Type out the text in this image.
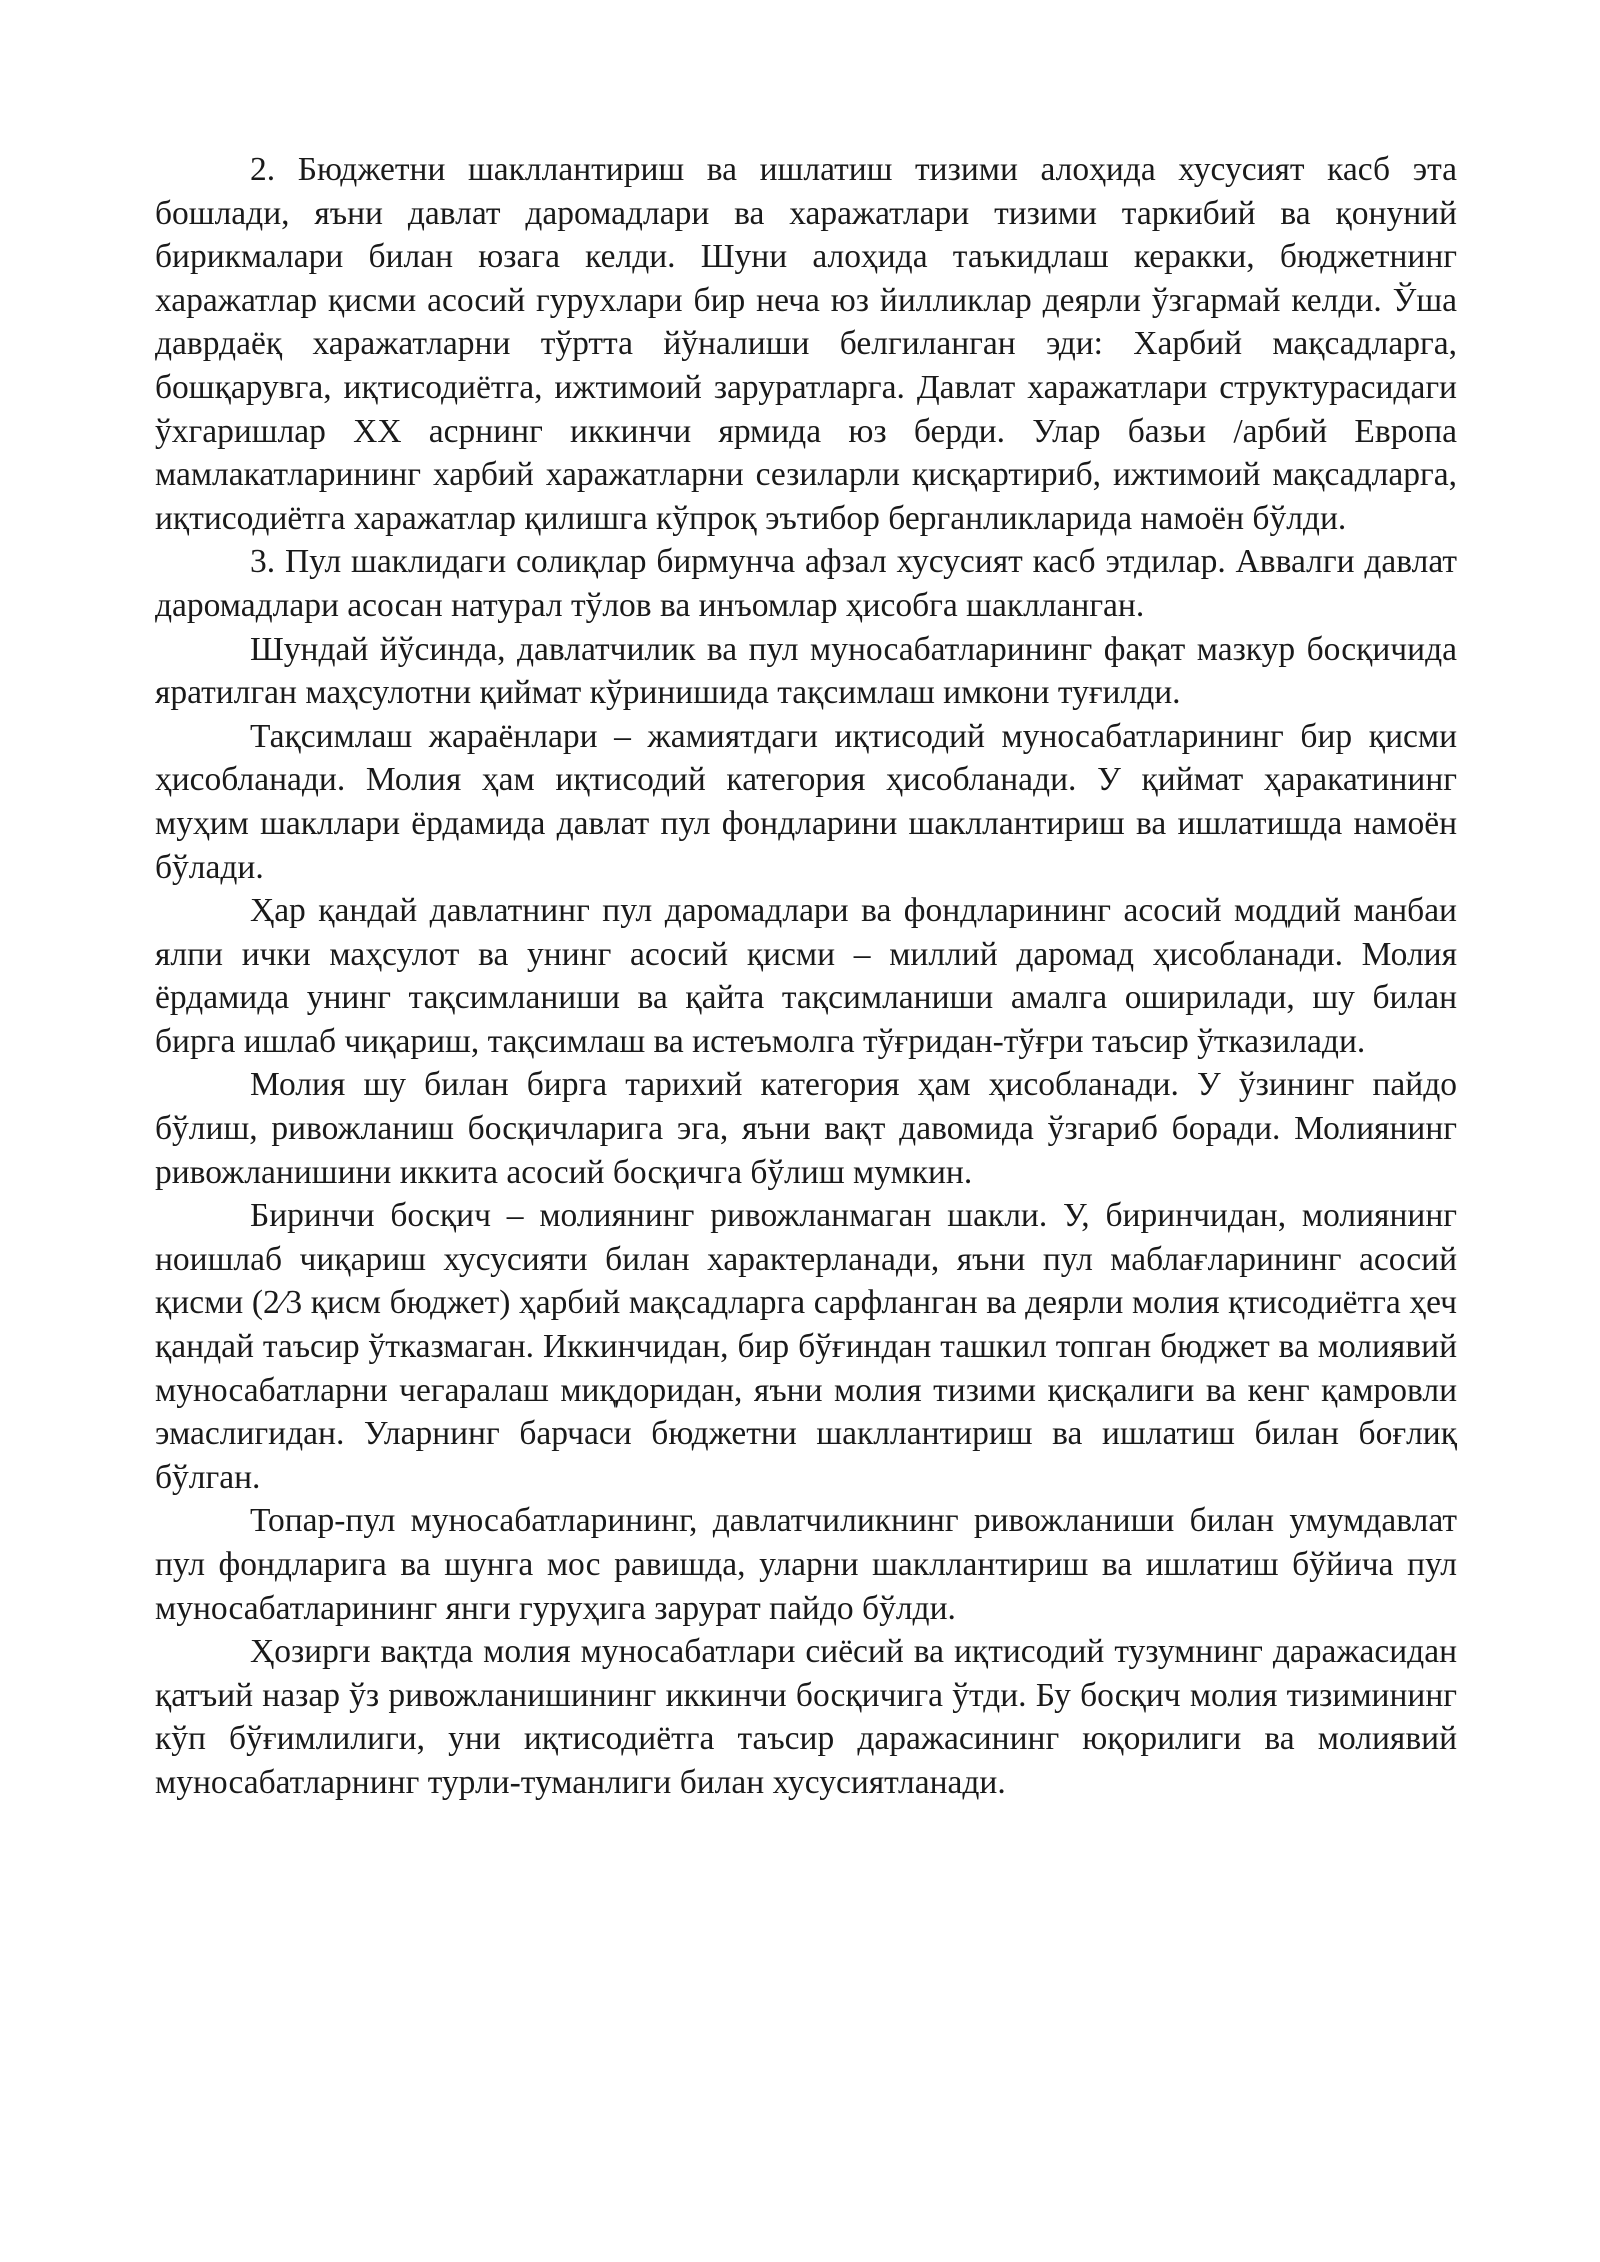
2. Бюджетни шакллантириш ва ишлатиш тизими алоҳида хусусият касб эта бошлади, яъни давлат даромадлари ва харажатлари тизими таркибий ва қонуний бирикмалари билан юзага келди. Шуни алоҳида таъкидлаш керакки, бюджетнинг харажатлар қисми асосий гурухлари бир неча юз йилликлар деярли ўзгармай келди. Ўша даврдаёқ харажатларни тўртта йўналиши белгиланган эди: Харбий мақсадларга, бошқарувга, иқтисодиётга, ижтимоий заруратларга. Давлат харажатлари структурасидаги ўхгаришлар XX асрнинг иккинчи ярмида юз берди. Улар базьи /арбий Европа мамлакатларининг харбий харажатларни сезиларли қисқартириб, ижтимоий мақсадларга, иқтисодиётга харажатлар қилишга кўпроқ эътибор берганликларида намоён бўлди.

3. Пул шаклидаги солиқлар бирмунча афзал хусусият касб этдилар. Аввалги давлат даромадлари асосан натурал тўлов ва инъомлар ҳисобга шаклланган.

Шундай йўсинда, давлатчилик ва пул муносабатларининг фақат мазкур босқичида яратилган маҳсулотни қиймат кўринишида тақсимлаш имкони туғилди.

Тақсимлаш жараёнлари – жамиятдаги иқтисодий муносабатларининг бир қисми ҳисобланади. Молия ҳам иқтисодий категория ҳисобланади. У қиймат ҳаракатининг муҳим шакллари ёрдамида давлат пул фондларини шакллантириш ва ишлатишда намоён бўлади.

Ҳар қандай давлатнинг пул даромадлари ва фондларининг асосий моддий манбаи ялпи ички маҳсулот ва унинг асосий қисми – миллий даромад ҳисобланади. Молия ёрдамида унинг тақсимланиши ва қайта тақсимланиши амалга оширилади, шу билан бирга ишлаб чиқариш, тақсимлаш ва истеъмолга тўғридан-тўғри таъсир ўтказилади.

Молия шу билан бирга тарихий категория ҳам ҳисобланади. У ўзининг пайдо бўлиш, ривожланиш босқичларига эга, яъни вақт давомида ўзгариб боради. Молиянинг ривожланишини иккита асосий босқичга бўлиш мумкин.

Биринчи босқич – молиянинг ривожланмаган шакли. У, биринчидан, молиянинг ноишлаб чиқариш хусусияти билан характерланади, яъни пул маблағларининг асосий қисми (2⁄3 қисм бюджет) ҳарбий мақсадларга сарфланган ва деярли молия қтисодиётга ҳеч қандай таъсир ўтказмаган. Иккинчидан, бир бўғиндан ташкил топган бюджет ва молиявий муносабатларни чегаралаш миқдоридан, яъни молия тизими қисқалиги ва кенг қамровли эмаслигидан. Уларнинг барчаси бюджетни шакллантириш ва ишлатиш билан боғлиқ бўлган.

Топар-пул муносабатларининг, давлатчиликнинг ривожланиши билан умумдавлат пул фондларига ва шунга мос равишда, уларни шакллантириш ва ишлатиш бўйича пул муносабатларининг янги гуруҳига зарурат пайдо бўлди.

Ҳозирги вақтда молия муносабатлари сиёсий ва иқтисодий тузумнинг даражасидан қатъий назар ўз ривожланишининг иккинчи босқичига ўтди. Бу босқич молия тизимининг кўп бўғимлилиги, уни иқтисодиётга таъсир даражасининг юқорилиги ва молиявий муносабатларнинг турли-туманлиги билан хусусиятланади.
